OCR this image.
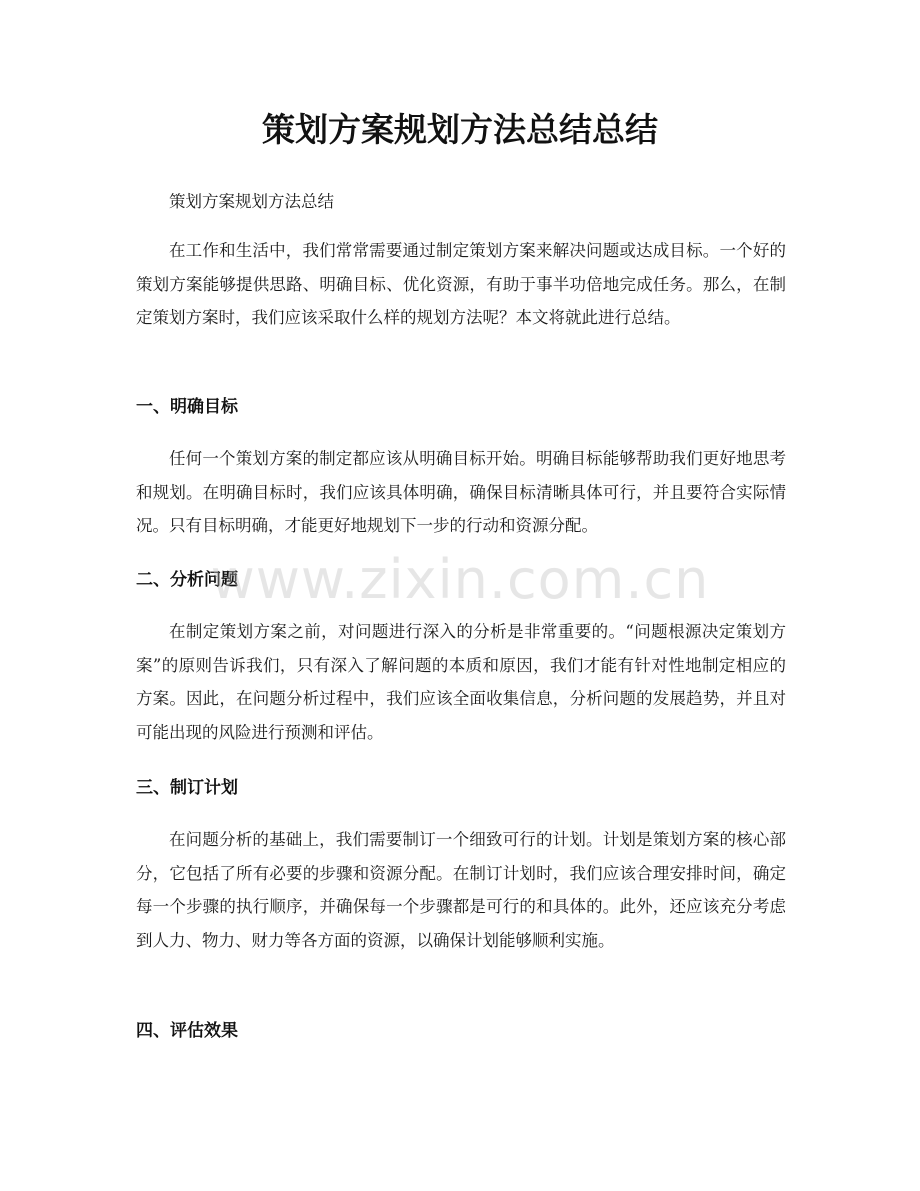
策划方案规划方法总结总结

策划方案规划方法总结

在工作和生活中，我们常常需要通过制定策划方案来解决问题或达成目标。一个好的策划方案能够提供思路、明确目标、优化资源，有助于事半功倍地完成任务。那么，在制定策划方案时，我们应该采取什么样的规划方法呢？本文将就此进行总结。

一、明确目标

任何一个策划方案的制定都应该从明确目标开始。明确目标能够帮助我们更好地思考和规划。在明确目标时，我们应该具体明确，确保目标清晰具体可行，并且要符合实际情况。只有目标明确，才能更好地规划下一步的行动和资源分配。

二、分析问题

在制定策划方案之前，对问题进行深入的分析是非常重要的。“问题根源决定策划方案”的原则告诉我们，只有深入了解问题的本质和原因，我们才能有针对性地制定相应的方案。因此，在问题分析过程中，我们应该全面收集信息，分析问题的发展趋势，并且对可能出现的风险进行预测和评估。

三、制订计划

在问题分析的基础上，我们需要制订一个细致可行的计划。计划是策划方案的核心部分，它包括了所有必要的步骤和资源分配。在制订计划时，我们应该合理安排时间，确定每一个步骤的执行顺序，并确保每一个步骤都是可行的和具体的。此外，还应该充分考虑到人力、物力、财力等各方面的资源，以确保计划能够顺利实施。

四、评估效果
www.zixin.com.cn
